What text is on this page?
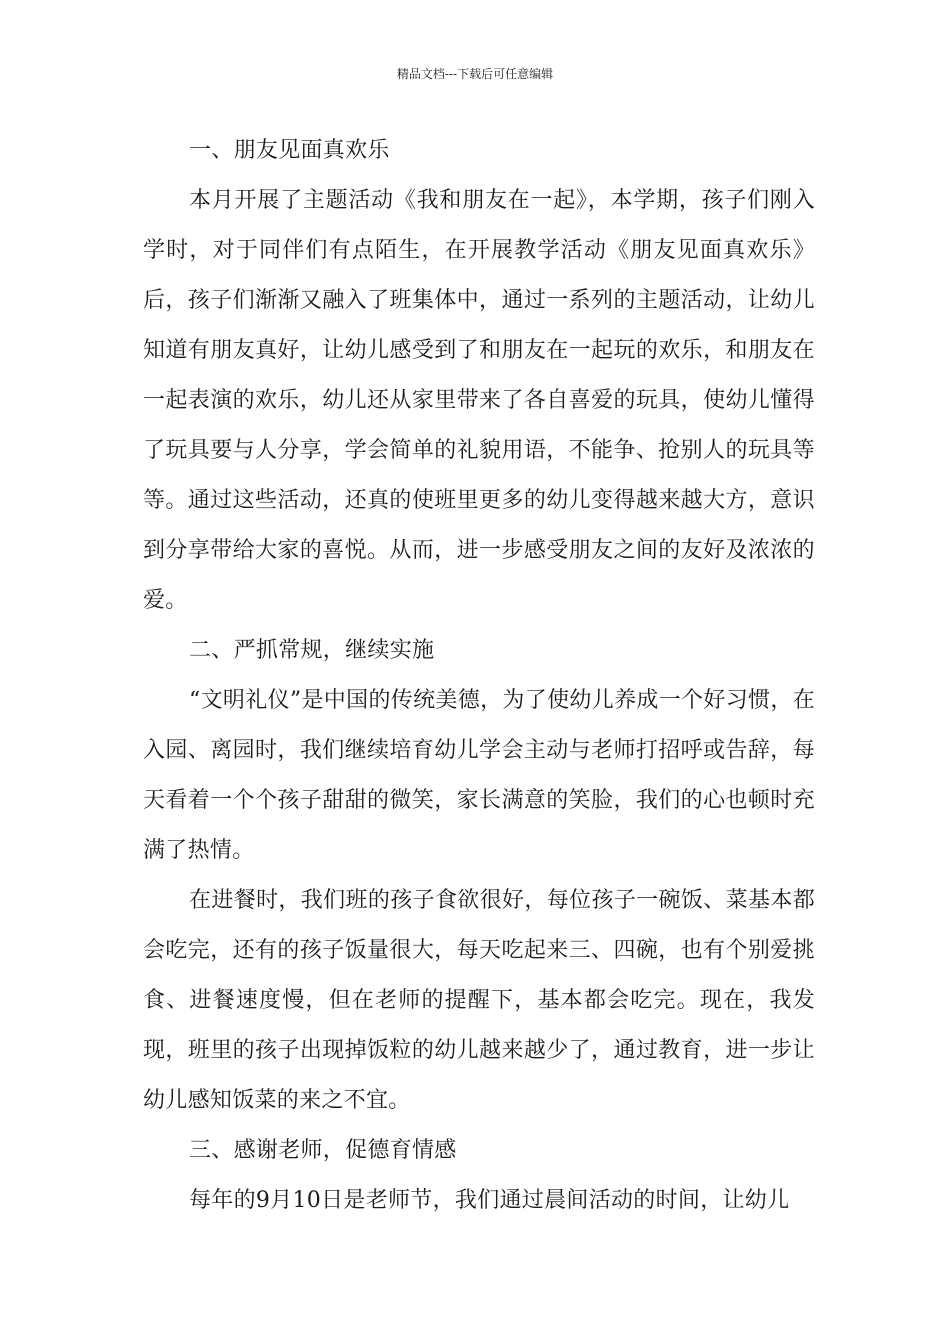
精品文档---下载后可任意编辑

一、朋友见面真欢乐

本月开展了主题活动《我和朋友在一起》，本学期，孩子们刚入学时，对于同伴们有点陌生，在开展教学活动《朋友见面真欢乐》后，孩子们渐渐又融入了班集体中，通过一系列的主题活动，让幼儿知道有朋友真好，让幼儿感受到了和朋友在一起玩的欢乐，和朋友在一起表演的欢乐，幼儿还从家里带来了各自喜爱的玩具，使幼儿懂得了玩具要与人分享，学会简单的礼貌用语，不能争、抢别人的玩具等等。通过这些活动，还真的使班里更多的幼儿变得越来越大方，意识到分享带给大家的喜悦。从而，进一步感受朋友之间的友好及浓浓的爱。

二、严抓常规，继续实施

“文明礼仪”是中国的传统美德，为了使幼儿养成一个好习惯，在入园、离园时，我们继续培育幼儿学会主动与老师打招呼或告辞，每天看着一个个孩子甜甜的微笑，家长满意的笑脸，我们的心也顿时充满了热情。

在进餐时，我们班的孩子食欲很好，每位孩子一碗饭、菜基本都会吃完，还有的孩子饭量很大，每天吃起来三、四碗，也有个别爱挑食、进餐速度慢，但在老师的提醒下，基本都会吃完。现在，我发现，班里的孩子出现掉饭粒的幼儿越来越少了，通过教育，进一步让幼儿感知饭菜的来之不宜。

三、感谢老师，促德育情感

每年的9月10日是老师节，我们通过晨间活动的时间，让幼儿
